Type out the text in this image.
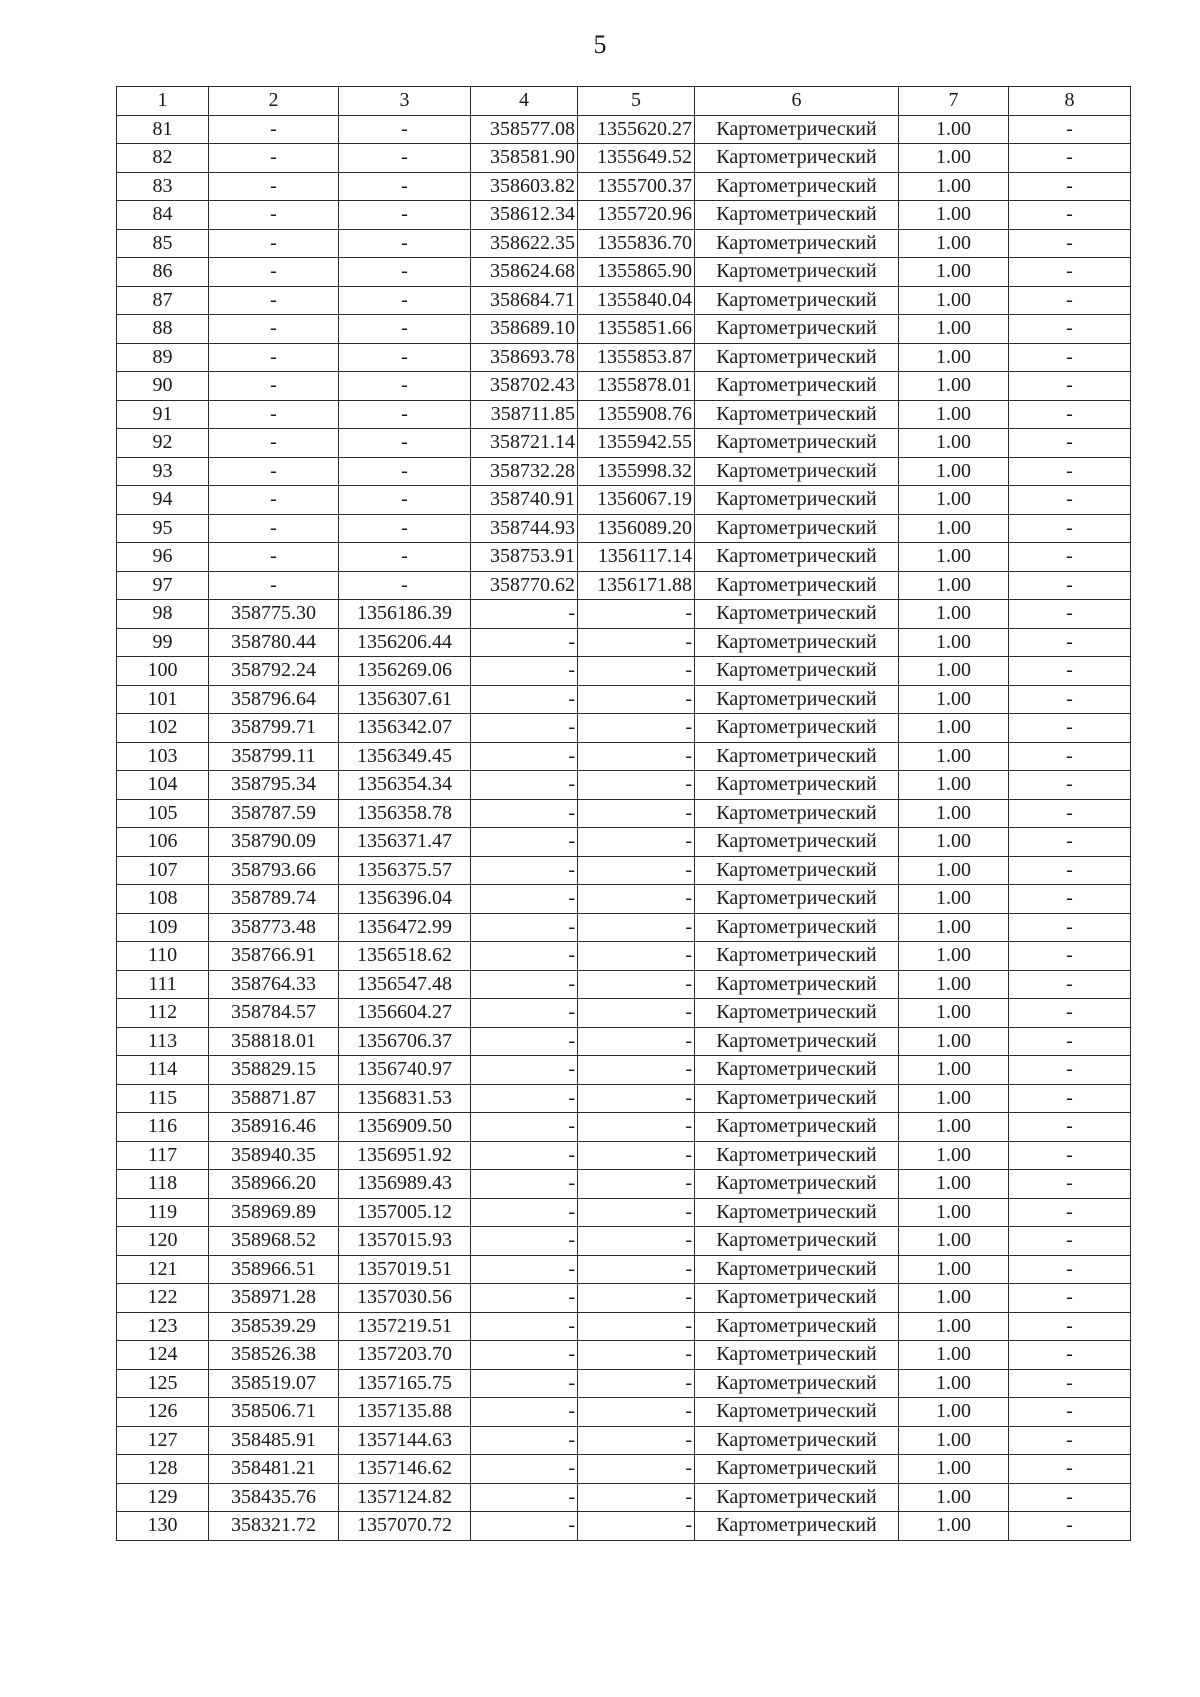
5
1	2	3	4	5	6	7	8
81	-	-	358577.08	1355620.27	Картометрический	1.00	-
82	-	-	358581.90	1355649.52	Картометрический	1.00	-
83	-	-	358603.82	1355700.37	Картометрический	1.00	-
84	-	-	358612.34	1355720.96	Картометрический	1.00	-
85	-	-	358622.35	1355836.70	Картометрический	1.00	-
86	-	-	358624.68	1355865.90	Картометрический	1.00	-
87	-	-	358684.71	1355840.04	Картометрический	1.00	-
88	-	-	358689.10	1355851.66	Картометрический	1.00	-
89	-	-	358693.78	1355853.87	Картометрический	1.00	-
90	-	-	358702.43	1355878.01	Картометрический	1.00	-
91	-	-	358711.85	1355908.76	Картометрический	1.00	-
92	-	-	358721.14	1355942.55	Картометрический	1.00	-
93	-	-	358732.28	1355998.32	Картометрический	1.00	-
94	-	-	358740.91	1356067.19	Картометрический	1.00	-
95	-	-	358744.93	1356089.20	Картометрический	1.00	-
96	-	-	358753.91	1356117.14	Картометрический	1.00	-
97	-	-	358770.62	1356171.88	Картометрический	1.00	-
98	358775.30	1356186.39	-	-	Картометрический	1.00	-
99	358780.44	1356206.44	-	-	Картометрический	1.00	-
100	358792.24	1356269.06	-	-	Картометрический	1.00	-
101	358796.64	1356307.61	-	-	Картометрический	1.00	-
102	358799.71	1356342.07	-	-	Картометрический	1.00	-
103	358799.11	1356349.45	-	-	Картометрический	1.00	-
104	358795.34	1356354.34	-	-	Картометрический	1.00	-
105	358787.59	1356358.78	-	-	Картометрический	1.00	-
106	358790.09	1356371.47	-	-	Картометрический	1.00	-
107	358793.66	1356375.57	-	-	Картометрический	1.00	-
108	358789.74	1356396.04	-	-	Картометрический	1.00	-
109	358773.48	1356472.99	-	-	Картометрический	1.00	-
110	358766.91	1356518.62	-	-	Картометрический	1.00	-
111	358764.33	1356547.48	-	-	Картометрический	1.00	-
112	358784.57	1356604.27	-	-	Картометрический	1.00	-
113	358818.01	1356706.37	-	-	Картометрический	1.00	-
114	358829.15	1356740.97	-	-	Картометрический	1.00	-
115	358871.87	1356831.53	-	-	Картометрический	1.00	-
116	358916.46	1356909.50	-	-	Картометрический	1.00	-
117	358940.35	1356951.92	-	-	Картометрический	1.00	-
118	358966.20	1356989.43	-	-	Картометрический	1.00	-
119	358969.89	1357005.12	-	-	Картометрический	1.00	-
120	358968.52	1357015.93	-	-	Картометрический	1.00	-
121	358966.51	1357019.51	-	-	Картометрический	1.00	-
122	358971.28	1357030.56	-	-	Картометрический	1.00	-
123	358539.29	1357219.51	-	-	Картометрический	1.00	-
124	358526.38	1357203.70	-	-	Картометрический	1.00	-
125	358519.07	1357165.75	-	-	Картометрический	1.00	-
126	358506.71	1357135.88	-	-	Картометрический	1.00	-
127	358485.91	1357144.63	-	-	Картометрический	1.00	-
128	358481.21	1357146.62	-	-	Картометрический	1.00	-
129	358435.76	1357124.82	-	-	Картометрический	1.00	-
130	358321.72	1357070.72	-	-	Картометрический	1.00	-
